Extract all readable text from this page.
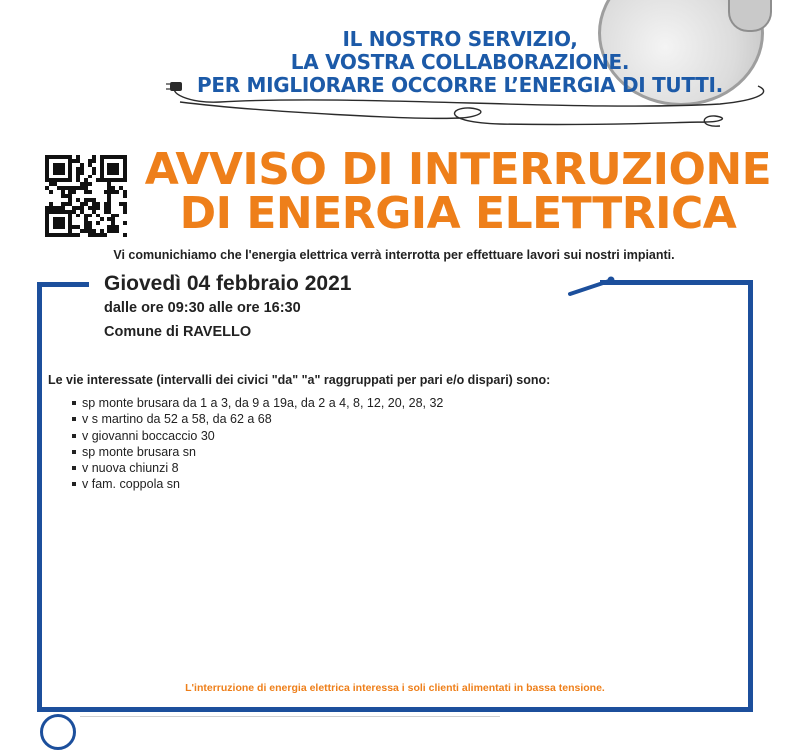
IL NOSTRO SERVIZIO,
LA VOSTRA COLLABORAZIONE.
PER MIGLIORARE OCCORRE L’ENERGIA DI TUTTI.
AVVISO DI INTERRUZIONE
DI ENERGIA ELETTRICA
Vi comunichiamo che l'energia elettrica verrà interrotta per effettuare lavori sui nostri impianti.
Giovedì 04 febbraio 2021
dalle ore 09:30 alle ore 16:30
Comune di RAVELLO
Le vie interessate (intervalli dei civici "da" "a" raggruppati per pari e/o dispari) sono:
sp monte brusara da 1 a 3, da 9 a 19a, da 2 a 4, 8, 12, 20, 28, 32
v s martino da 52 a 58, da 62 a 68
v giovanni boccaccio 30
sp monte brusara sn
v nuova chiunzi 8
v fam. coppola sn
L'interruzione di energia elettrica interessa i soli clienti alimentati in bassa tensione.
